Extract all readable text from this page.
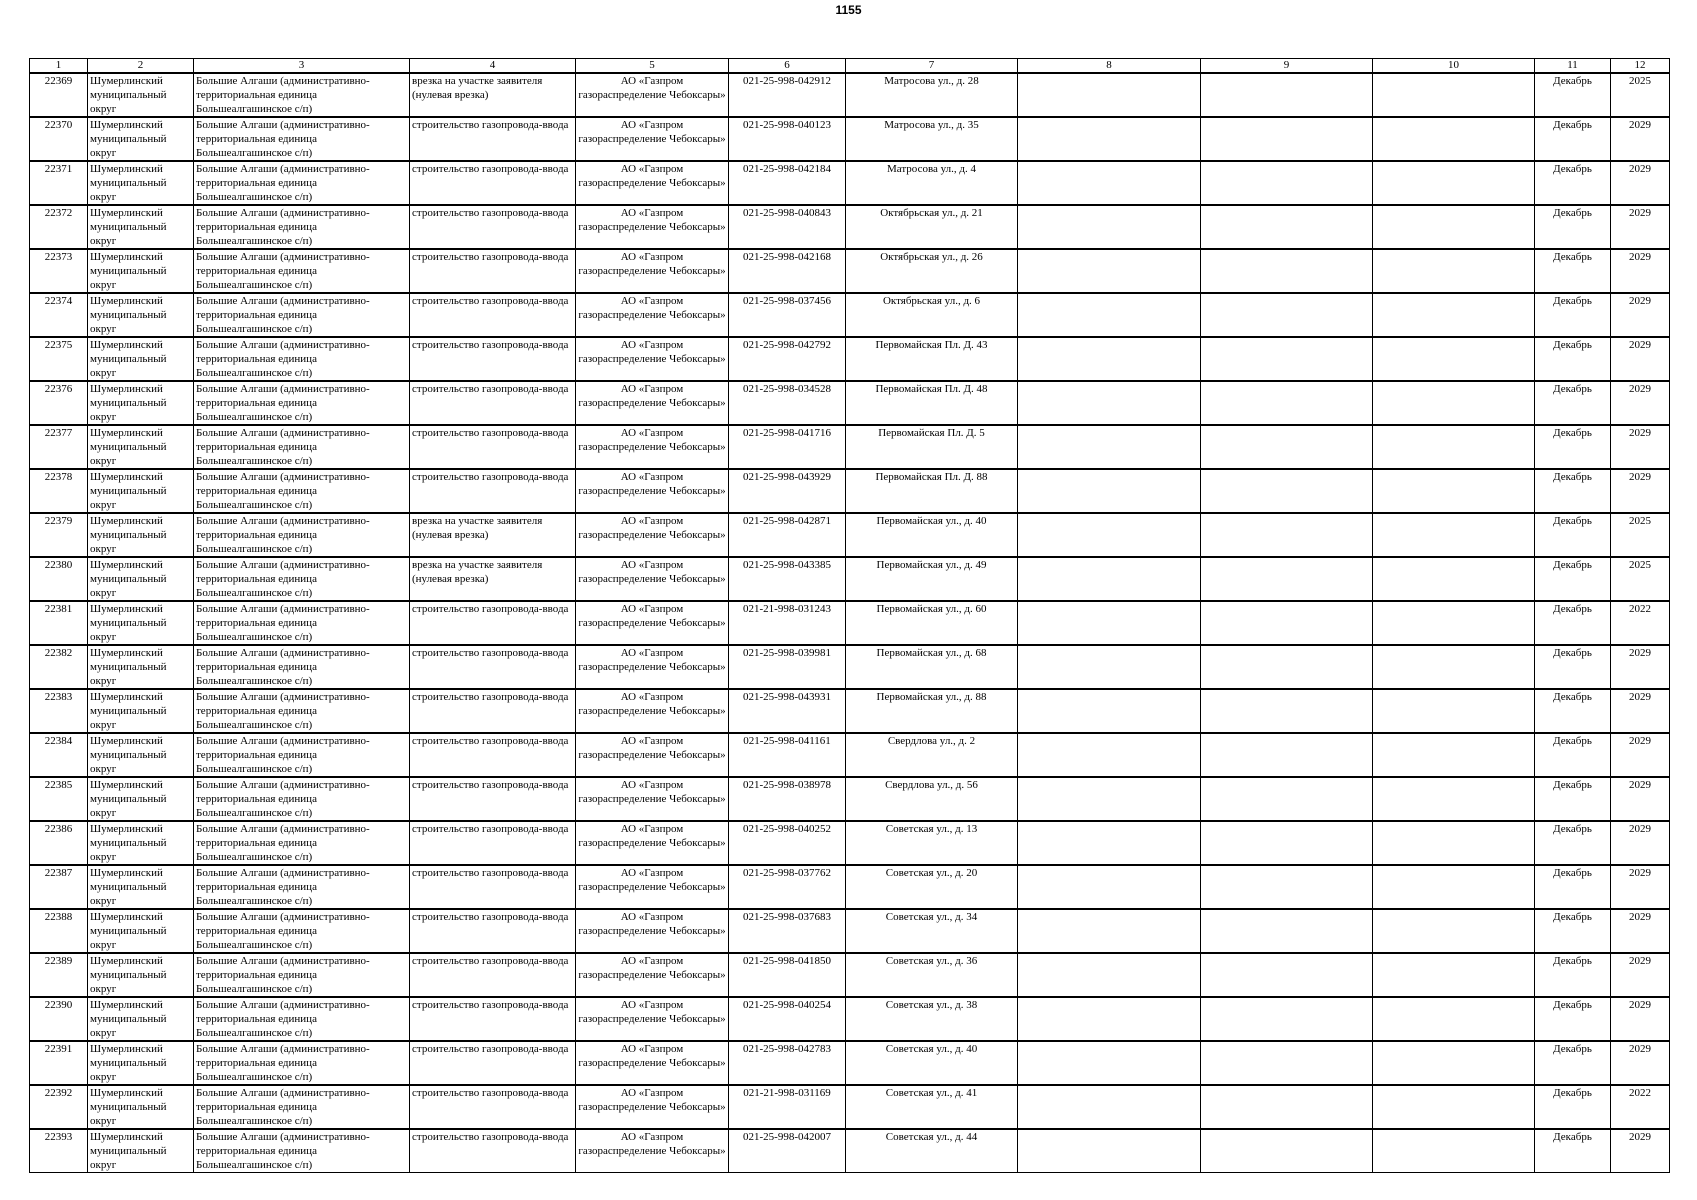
1155
1	2	3	4	5	6	7	8	9	10	11	12
22369	Шумерлинский муниципальный округ	Большие Алгаши (административно-территориальная единица Большеалгашинское с/п)	врезка на участке заявителя (нулевая врезка)	АО «Газпром газораспределение Чебоксары»	021-25-998-042912	Матросова ул., д. 28				Декабрь	2025
22370	Шумерлинский муниципальный округ	Большие Алгаши (административно-территориальная единица Большеалгашинское с/п)	строительство газопровода-ввода	АО «Газпром газораспределение Чебоксары»	021-25-998-040123	Матросова ул., д. 35				Декабрь	2029
22371	Шумерлинский муниципальный округ	Большие Алгаши (административно-территориальная единица Большеалгашинское с/п)	строительство газопровода-ввода	АО «Газпром газораспределение Чебоксары»	021-25-998-042184	Матросова ул., д. 4				Декабрь	2029
22372	Шумерлинский муниципальный округ	Большие Алгаши (административно-территориальная единица Большеалгашинское с/п)	строительство газопровода-ввода	АО «Газпром газораспределение Чебоксары»	021-25-998-040843	Октябрьская ул., д. 21				Декабрь	2029
22373	Шумерлинский муниципальный округ	Большие Алгаши (административно-территориальная единица Большеалгашинское с/п)	строительство газопровода-ввода	АО «Газпром газораспределение Чебоксары»	021-25-998-042168	Октябрьская ул., д. 26				Декабрь	2029
22374	Шумерлинский муниципальный округ	Большие Алгаши (административно-территориальная единица Большеалгашинское с/п)	строительство газопровода-ввода	АО «Газпром газораспределение Чебоксары»	021-25-998-037456	Октябрьская ул., д. 6				Декабрь	2029
22375	Шумерлинский муниципальный округ	Большие Алгаши (административно-территориальная единица Большеалгашинское с/п)	строительство газопровода-ввода	АО «Газпром газораспределение Чебоксары»	021-25-998-042792	Первомайская Пл. Д. 43				Декабрь	2029
22376	Шумерлинский муниципальный округ	Большие Алгаши (административно-территориальная единица Большеалгашинское с/п)	строительство газопровода-ввода	АО «Газпром газораспределение Чебоксары»	021-25-998-034528	Первомайская Пл. Д. 48				Декабрь	2029
22377	Шумерлинский муниципальный округ	Большие Алгаши (административно-территориальная единица Большеалгашинское с/п)	строительство газопровода-ввода	АО «Газпром газораспределение Чебоксары»	021-25-998-041716	Первомайская Пл. Д. 5				Декабрь	2029
22378	Шумерлинский муниципальный округ	Большие Алгаши (административно-территориальная единица Большеалгашинское с/п)	строительство газопровода-ввода	АО «Газпром газораспределение Чебоксары»	021-25-998-043929	Первомайская Пл. Д. 88				Декабрь	2029
22379	Шумерлинский муниципальный округ	Большие Алгаши (административно-территориальная единица Большеалгашинское с/п)	врезка на участке заявителя (нулевая врезка)	АО «Газпром газораспределение Чебоксары»	021-25-998-042871	Первомайская ул., д. 40				Декабрь	2025
22380	Шумерлинский муниципальный округ	Большие Алгаши (административно-территориальная единица Большеалгашинское с/п)	врезка на участке заявителя (нулевая врезка)	АО «Газпром газораспределение Чебоксары»	021-25-998-043385	Первомайская ул., д. 49				Декабрь	2025
22381	Шумерлинский муниципальный округ	Большие Алгаши (административно-территориальная единица Большеалгашинское с/п)	строительство газопровода-ввода	АО «Газпром газораспределение Чебоксары»	021-21-998-031243	Первомайская ул., д. 60				Декабрь	2022
22382	Шумерлинский муниципальный округ	Большие Алгаши (административно-территориальная единица Большеалгашинское с/п)	строительство газопровода-ввода	АО «Газпром газораспределение Чебоксары»	021-25-998-039981	Первомайская ул., д. 68				Декабрь	2029
22383	Шумерлинский муниципальный округ	Большие Алгаши (административно-территориальная единица Большеалгашинское с/п)	строительство газопровода-ввода	АО «Газпром газораспределение Чебоксары»	021-25-998-043931	Первомайская ул., д. 88				Декабрь	2029
22384	Шумерлинский муниципальный округ	Большие Алгаши (административно-территориальная единица Большеалгашинское с/п)	строительство газопровода-ввода	АО «Газпром газораспределение Чебоксары»	021-25-998-041161	Свердлова ул., д. 2				Декабрь	2029
22385	Шумерлинский муниципальный округ	Большие Алгаши (административно-территориальная единица Большеалгашинское с/п)	строительство газопровода-ввода	АО «Газпром газораспределение Чебоксары»	021-25-998-038978	Свердлова ул., д. 56				Декабрь	2029
22386	Шумерлинский муниципальный округ	Большие Алгаши (административно-территориальная единица Большеалгашинское с/п)	строительство газопровода-ввода	АО «Газпром газораспределение Чебоксары»	021-25-998-040252	Советская ул., д. 13				Декабрь	2029
22387	Шумерлинский муниципальный округ	Большие Алгаши (административно-территориальная единица Большеалгашинское с/п)	строительство газопровода-ввода	АО «Газпром газораспределение Чебоксары»	021-25-998-037762	Советская ул., д. 20				Декабрь	2029
22388	Шумерлинский муниципальный округ	Большие Алгаши (административно-территориальная единица Большеалгашинское с/п)	строительство газопровода-ввода	АО «Газпром газораспределение Чебоксары»	021-25-998-037683	Советская ул., д. 34				Декабрь	2029
22389	Шумерлинский муниципальный округ	Большие Алгаши (административно-территориальная единица Большеалгашинское с/п)	строительство газопровода-ввода	АО «Газпром газораспределение Чебоксары»	021-25-998-041850	Советская ул., д. 36				Декабрь	2029
22390	Шумерлинский муниципальный округ	Большие Алгаши (административно-территориальная единица Большеалгашинское с/п)	строительство газопровода-ввода	АО «Газпром газораспределение Чебоксары»	021-25-998-040254	Советская ул., д. 38				Декабрь	2029
22391	Шумерлинский муниципальный округ	Большие Алгаши (административно-территориальная единица Большеалгашинское с/п)	строительство газопровода-ввода	АО «Газпром газораспределение Чебоксары»	021-25-998-042783	Советская ул., д. 40				Декабрь	2029
22392	Шумерлинский муниципальный округ	Большие Алгаши (административно-территориальная единица Большеалгашинское с/п)	строительство газопровода-ввода	АО «Газпром газораспределение Чебоксары»	021-21-998-031169	Советская ул., д. 41				Декабрь	2022
22393	Шумерлинский муниципальный округ	Большие Алгаши (административно-территориальная единица Большеалгашинское с/п)	строительство газопровода-ввода	АО «Газпром газораспределение Чебоксары»	021-25-998-042007	Советская ул., д. 44				Декабрь	2029
